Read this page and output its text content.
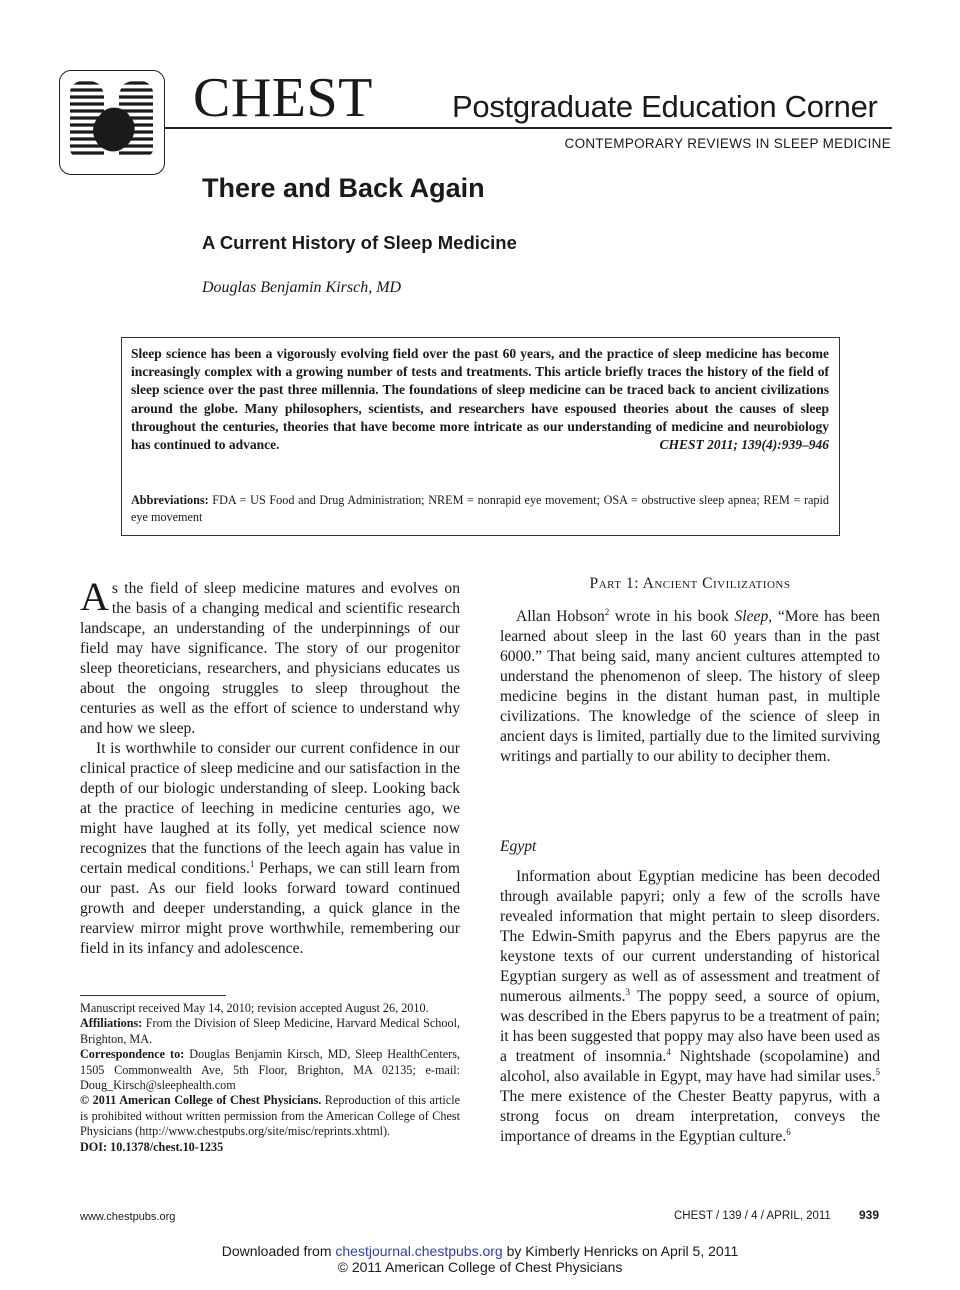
CHEST	Postgraduate Education Corner
CONTEMPORARY REVIEWS IN SLEEP MEDICINE
There and Back Again
A Current History of Sleep Medicine
Douglas Benjamin Kirsch, MD
Sleep science has been a vigorously evolving field over the past 60 years, and the practice of sleep medicine has become increasingly complex with a growing number of tests and treatments. This article briefly traces the history of the field of sleep science over the past three millennia. The foundations of sleep medicine can be traced back to ancient civilizations around the globe. Many philosophers, scientists, and researchers have espoused theories about the causes of sleep throughout the centuries, theories that have become more intricate as our understanding of medicine and neurobiology has continued to advance.	CHEST 2011; 139(4):939–946
Abbreviations: FDA = US Food and Drug Administration; NREM = nonrapid eye movement; OSA = obstructive sleep apnea; REM = rapid eye movement

As the field of sleep medicine matures and evolves on the basis of a changing medical and scientific research landscape, an understanding of the underpinnings of our field may have significance. The story of our progenitor sleep theoreticians, researchers, and physicians educates us about the ongoing struggles to sleep throughout the centuries as well as the effort of science to understand why and how we sleep.

It is worthwhile to consider our current confidence in our clinical practice of sleep medicine and our satisfaction in the depth of our biologic understanding of sleep. Looking back at the practice of leeching in medicine centuries ago, we might have laughed at its folly, yet medical science now recognizes that the functions of the leech again has value in certain medical conditions.$^1$ Perhaps, we can still learn from our past. As our field looks forward toward continued growth and deeper understanding, a quick glance in the rearview mirror might prove worthwhile, remembering our field in its infancy and adolescence.

Manuscript received May 14, 2010; revision accepted August 26, 2010.

Affiliations: From the Division of Sleep Medicine, Harvard Medical School, Brighton, MA.

Correspondence to: Douglas Benjamin Kirsch, MD, Sleep HealthCenters, 1505 Commonwealth Ave, 5th Floor, Brighton, MA 02135; e-mail: Doug_Kirsch@sleephealth.com

© 2011 American College of Chest Physicians. Reproduction of this article is prohibited without written permission from the American College of Chest Physicians (http://www.chestpubs.org/site/misc/reprints.xhtml).

DOI: 10.1378/chest.10-1235

Part 1: Ancient Civilizations

Allan Hobson$^2$ wrote in his book Sleep, “More has been learned about sleep in the last 60 years than in the past 6000.” That being said, many ancient cultures attempted to understand the phenomenon of sleep. The history of sleep medicine begins in the distant human past, in multiple civilizations. The knowledge of the science of sleep in ancient days is limited, partially due to the limited surviving writings and partially to our ability to decipher them.

Egypt

Information about Egyptian medicine has been decoded through available papyri; only a few of the scrolls have revealed information that might pertain to sleep disorders. The Edwin-Smith papyrus and the Ebers papyrus are the keystone texts of our current understanding of historical Egyptian surgery as well as of assessment and treatment of numerous ailments.$^3$ The poppy seed, a source of opium, was described in the Ebers papyrus to be a treatment of pain; it has been suggested that poppy may also have been used as a treatment of insomnia.$^4$ Nightshade (scopolamine) and alcohol, also available in Egypt, may have had similar uses.$^5$ The mere existence of the Chester Beatty papyrus, with a strong focus on dream interpretation, conveys the importance of dreams in the Egyptian culture.$^6$

www.chestpubs.org	CHEST / 139 / 4 / APRIL, 2011 939
Downloaded from chestjournal.chestpubs.org by Kimberly Henricks on April 5, 2011
© 2011 American College of Chest Physicians
